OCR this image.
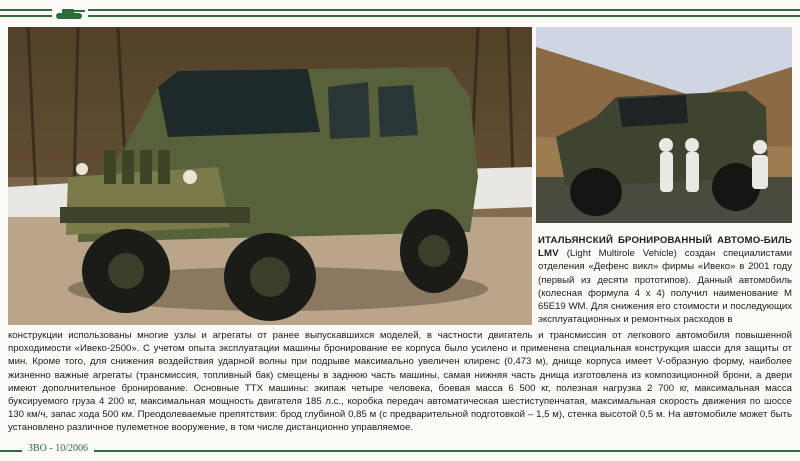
ИТАЛЬЯНСКИЙ БРОНИРОВАННЫЙ АВТОМО-БИЛЬ LMV (Light Multirole Vehicle) создан специалистами отделения «Дефенс викл» фирмы «Ивеко» в 2001 году (первый из десяти прототипов). Данный автомобиль (колесная формула 4 х 4) получил наименование М 65Е19 WM. Для снижения его стоимости и последующих эксплуатационных и ремонтных расходов в
конструкции использованы многие узлы и агрегаты от ранее выпускавшихся моделей, в частности двигатель и трансмиссия от легкового автомобиля повышенной проходимости «Ивеко-2500». С учетом опыта эксплуатации машины бронирование ее корпуса было усилено и применена специальная конструкция шасси для защиты от мин. Кроме того, для снижения воздействия ударной волны при подрыве максимально увеличен клиренс (0,473 м), днище корпуса имеет V-образную форму, наиболее жизненно важные агрегаты (трансмиссия, топливный бак) смещены в заднюю часть машины, самая нижняя часть днища изготовлена из композиционной брони, а двери имеют дополнительное бронирование. Основные ТТХ машины: экипаж четыре человека, боевая масса 6 500 кг, полезная нагрузка 2 700 кг, максимальная масса буксируемого груза 4 200 кг, максимальная мощность двигателя 185 л.с., коробка передач автоматическая шестиступенчатая, максимальная скорость движения по шоссе 130 км/ч, запас хода 500 км. Преодолеваемые препятствия: брод глубиной 0,85 м (с предварительной подготовкой – 1,5 м), стенка высотой 0,5 м. На автомобиле может быть установлено различное пулеметное вооружение, в том числе дистанционно управляемое.
ЗВО - 10/2006
